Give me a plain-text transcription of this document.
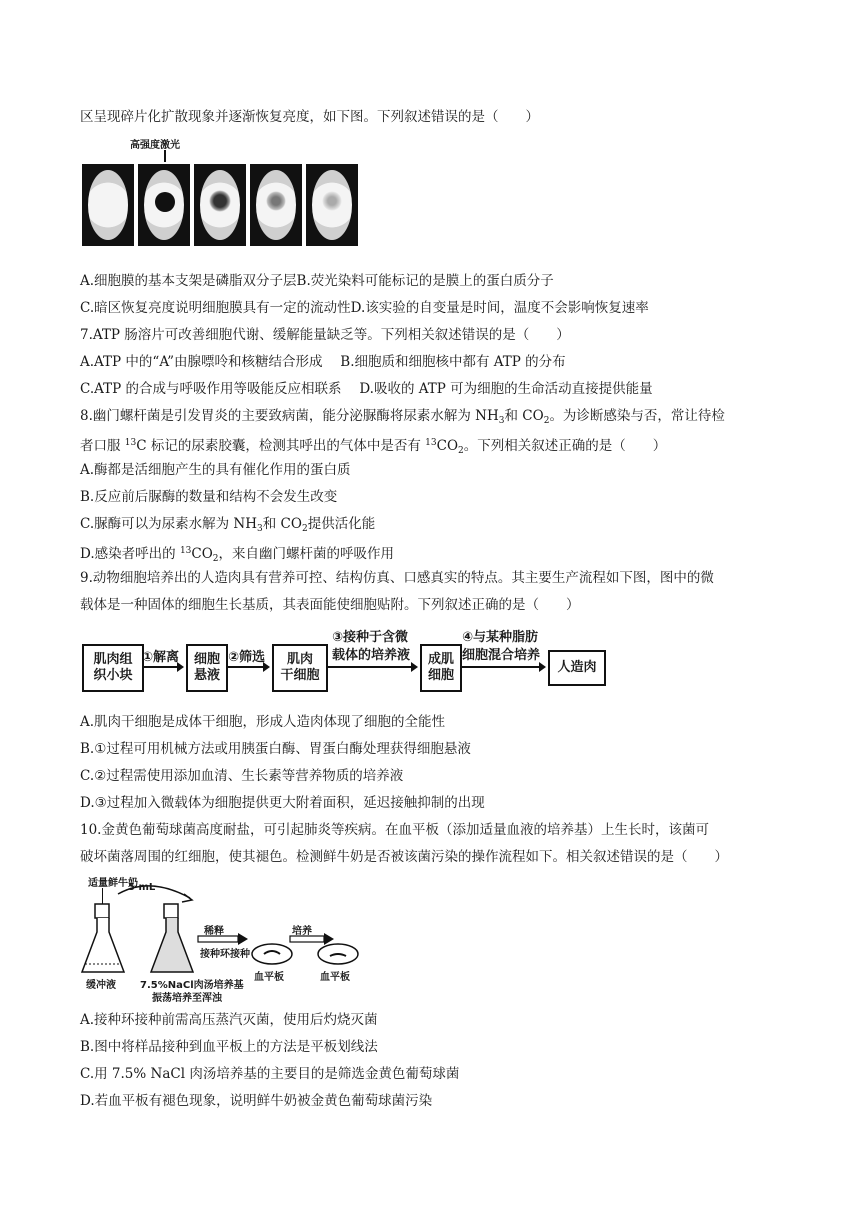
区呈现碎片化扩散现象并逐渐恢复亮度，如下图。下列叙述错误的是（　　）
高强度激光
A.细胞膜的基本支架是磷脂双分子层B.荧光染料可能标记的是膜上的蛋白质分子
C.暗区恢复亮度说明细胞膜具有一定的流动性D.该实验的自变量是时间，温度不会影响恢复速率
7.ATP 肠溶片可改善细胞代谢、缓解能量缺乏等。下列相关叙述错误的是（　　）
A.ATP 中的“A”由腺嘌呤和核糖结合形成　 B.细胞质和细胞核中都有 ATP 的分布
C.ATP 的合成与呼吸作用等吸能反应相联系　 D.吸收的 ATP 可为细胞的生命活动直接提供能量
8.幽门螺杆菌是引发胃炎的主要致病菌，能分泌脲酶将尿素水解为 $NH_3$和 $CO_2$。为诊断感染与否，常让待检
者口服 $^{13}$C 标记的尿素胶囊，检测其呼出的气体中是否有 $^{13}CO_2$。下列相关叙述正确的是（　　）
A.酶都是活细胞产生的具有催化作用的蛋白质
B.反应前后脲酶的数量和结构不会发生改变
C.脲酶可以为尿素水解为 $NH_3$和 $CO_2$提供活化能
D.感染者呼出的 $^{13}CO_2$，来自幽门螺杆菌的呼吸作用
9.动物细胞培养出的人造肉具有营养可控、结构仿真、口感真实的特点。其主要生产流程如下图，图中的微
载体是一种固体的细胞生长基质，其表面能使细胞贴附。下列叙述正确的是（　　）
肌肉组
织小块
①解离	细胞
悬液
②筛选	肌肉
干细胞
③接种于含微
载体的培养液	成肌
细胞
④与某种脂肪
细胞混合培养
人造肉
A.肌肉干细胞是成体干细胞，形成人造肉体现了细胞的全能性
B.①过程可用机械方法或用胰蛋白酶、胃蛋白酶处理获得细胞悬液
C.②过程需使用添加血清、生长素等营养物质的培养液
D.③过程加入微载体为细胞提供更大附着面积，延迟接触抑制的出现
10.金黄色葡萄球菌高度耐盐，可引起肺炎等疾病。在血平板（添加适量血液的培养基）上生长时，该菌可
破坏菌落周围的红细胞，使其褪色。检测鲜牛奶是否被该菌污染的操作流程如下。相关叙述错误的是（　　）
适量鲜牛奶
5 mL
缓冲液 7.5%NaCl肉汤培养基
振荡培养至浑浊
稀释
接种环接种
血平板
培养
血平板
A.接种环接种前需高压蒸汽灭菌，使用后灼烧灭菌
B.图中将样品接种到血平板上的方法是平板划线法
C.用 7.5% NaCl 肉汤培养基的主要目的是筛选金黄色葡萄球菌
D.若血平板有褪色现象，说明鲜牛奶被金黄色葡萄球菌污染
